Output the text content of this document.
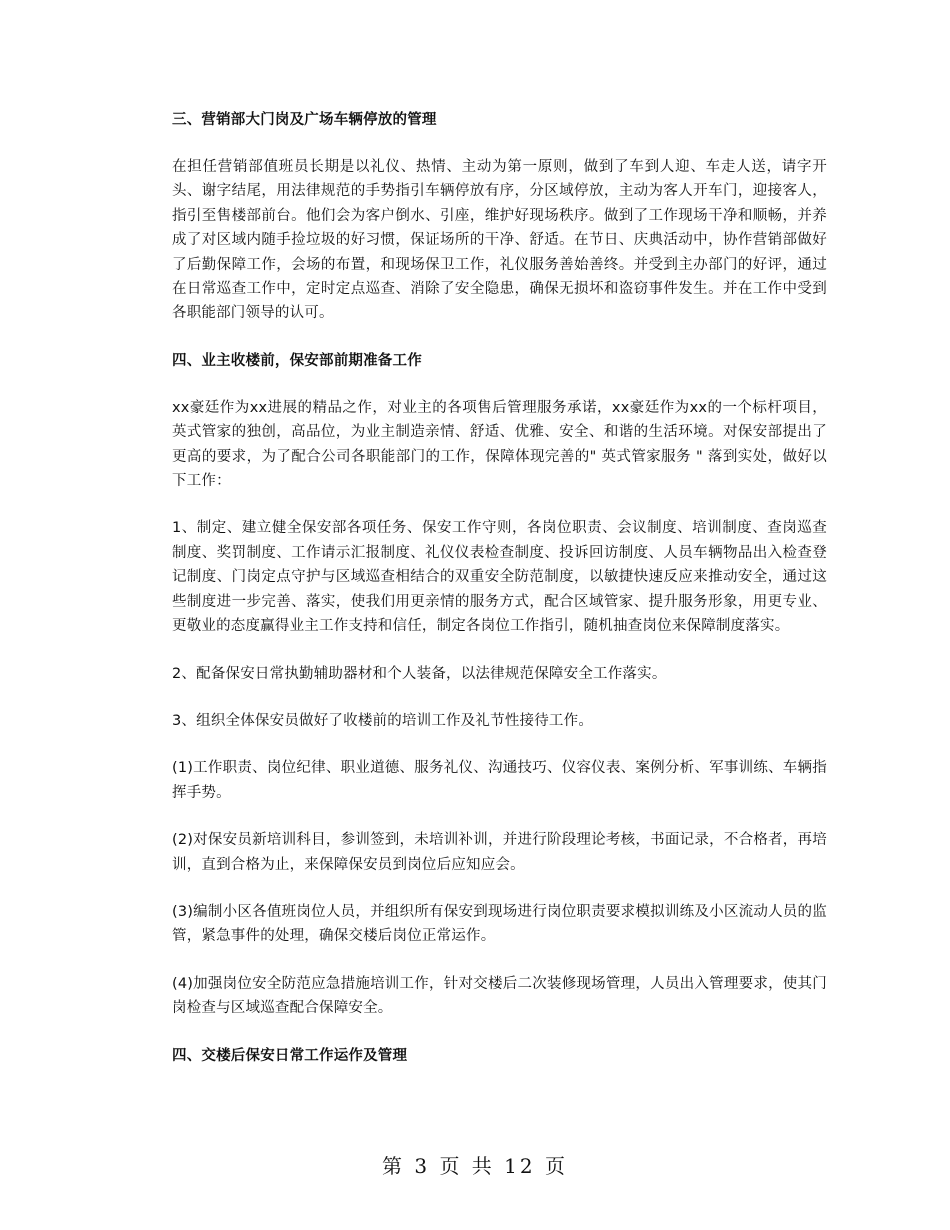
三、营销部大门岗及广场车辆停放的管理

在担任营销部值班员长期是以礼仪、热情、主动为第一原则，做到了车到人迎、车走人送，请字开头、谢字结尾，用法律规范的手势指引车辆停放有序，分区域停放，主动为客人开车门，迎接客人，指引至售楼部前台。他们会为客户倒水、引座，维护好现场秩序。做到了工作现场干净和顺畅，并养成了对区域内随手捡垃圾的好习惯，保证场所的干净、舒适。在节日、庆典活动中，协作营销部做好了后勤保障工作，会场的布置，和现场保卫工作，礼仪服务善始善终。并受到主办部门的好评，通过在日常巡查工作中，定时定点巡查、消除了安全隐患，确保无损坏和盗窃事件发生。并在工作中受到各职能部门领导的认可。

四、业主收楼前，保安部前期准备工作

xx豪廷作为xx进展的精品之作，对业主的各项售后管理服务承诺，xx豪廷作为xx的一个标杆项目，英式管家的独创，高品位，为业主制造亲情、舒适、优雅、安全、和谐的生活环境。对保安部提出了更高的要求，为了配合公司各职能部门的工作，保障体现完善的" 英式管家服务 " 落到实处，做好以下工作：

1、制定、建立健全保安部各项任务、保安工作守则，各岗位职责、会议制度、培训制度、查岗巡查制度、奖罚制度、工作请示汇报制度、礼仪仪表检查制度、投诉回访制度、人员车辆物品出入检查登记制度、门岗定点守护与区域巡查相结合的双重安全防范制度，以敏捷快速反应来推动安全，通过这些制度进一步完善、落实，使我们用更亲情的服务方式，配合区域管家、提升服务形象，用更专业、更敬业的态度赢得业主工作支持和信任，制定各岗位工作指引，随机抽查岗位来保障制度落实。

2、配备保安日常执勤辅助器材和个人装备，以法律规范保障安全工作落实。

3、组织全体保安员做好了收楼前的培训工作及礼节性接待工作。

(1)工作职责、岗位纪律、职业道德、服务礼仪、沟通技巧、仪容仪表、案例分析、军事训练、车辆指挥手势。

(2)对保安员新培训科目，参训签到，未培训补训，并进行阶段理论考核，书面记录，不合格者，再培训，直到合格为止，来保障保安员到岗位后应知应会。

(3)编制小区各值班岗位人员，并组织所有保安到现场进行岗位职责要求模拟训练及小区流动人员的监管，紧急事件的处理，确保交楼后岗位正常运作。

(4)加强岗位安全防范应急措施培训工作，针对交楼后二次装修现场管理，人员出入管理要求，使其门岗检查与区域巡查配合保障安全。

四、交楼后保安日常工作运作及管理
第 3 页 共 12 页
